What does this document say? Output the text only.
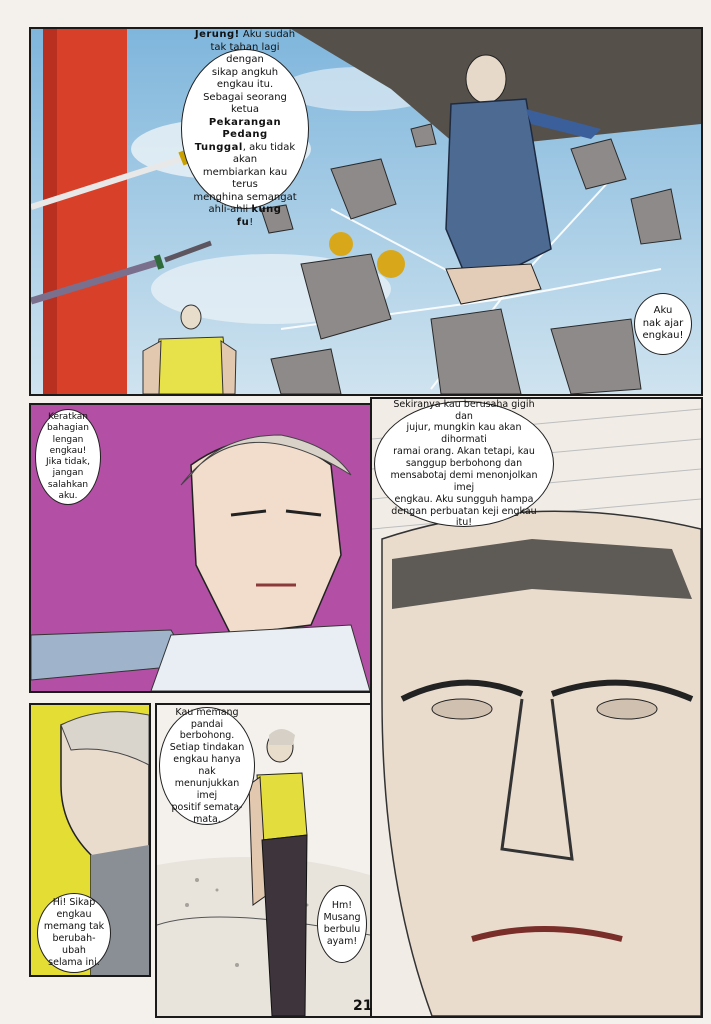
Jerung! Aku sudah
tak tahan lagi dengan
sikap angkuh engkau itu.
Sebagai seorang ketua
Pekarangan Pedang
Tunggal, aku tidak akan
membiarkan kau terus
menghina semangat
ahli-ahli kung
fu!
Aku
nak ajar
engkau!
Keratkan
bahagian
lengan engkau!
Jika tidak,
jangan
salahkan
aku.
Sekiranya kau berusaha gigih dan
jujur, mungkin kau akan dihormati
ramai orang. Akan tetapi, kau
sanggup berbohong dan
mensabotaj demi menonjolkan imej
engkau. Aku sungguh hampa
dengan perbuatan keji engkau
itu!
Hi! Sikap
engkau
memang tak
berubah-ubah
selama ini.
Kau memang
pandai berbohong.
Setiap tindakan
engkau hanya nak
menunjukkan imej
positif semata-
mata.
Hm!
Musang
berbulu
ayam!
21
